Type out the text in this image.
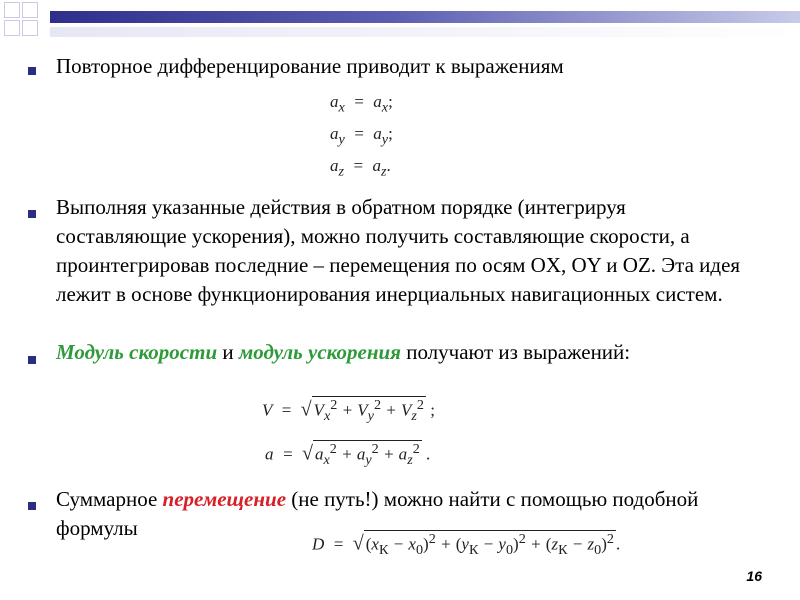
Повторное дифференцирование приводит к выражениям
$a_x = a_x$;
$a_y = a_y$;
$a_z = a_z$.
Выполняя указанные действия в обратном порядке (интегрируя составляющие ускорения), можно получить составляющие скорости, а проинтегрировав последние – перемещения по осям OX, OY и OZ. Эта идея лежит в основе функционирования инерциальных навигационных систем.
Модуль скорости и модуль ускорения получают из выражений:
V  =  √ $V_x^2 + V_y^2 + V_z^2$ ;
a  =  √ $a_x^2 + a_y^2 + a_z^2$ .
Суммарное перемещение (не путь!) можно найти с помощью подобной формулы
D  =  √ $(x_К - x_0)^2 + (y_К - y_0)^2 + (z_К - z_0)^2$ .
16
